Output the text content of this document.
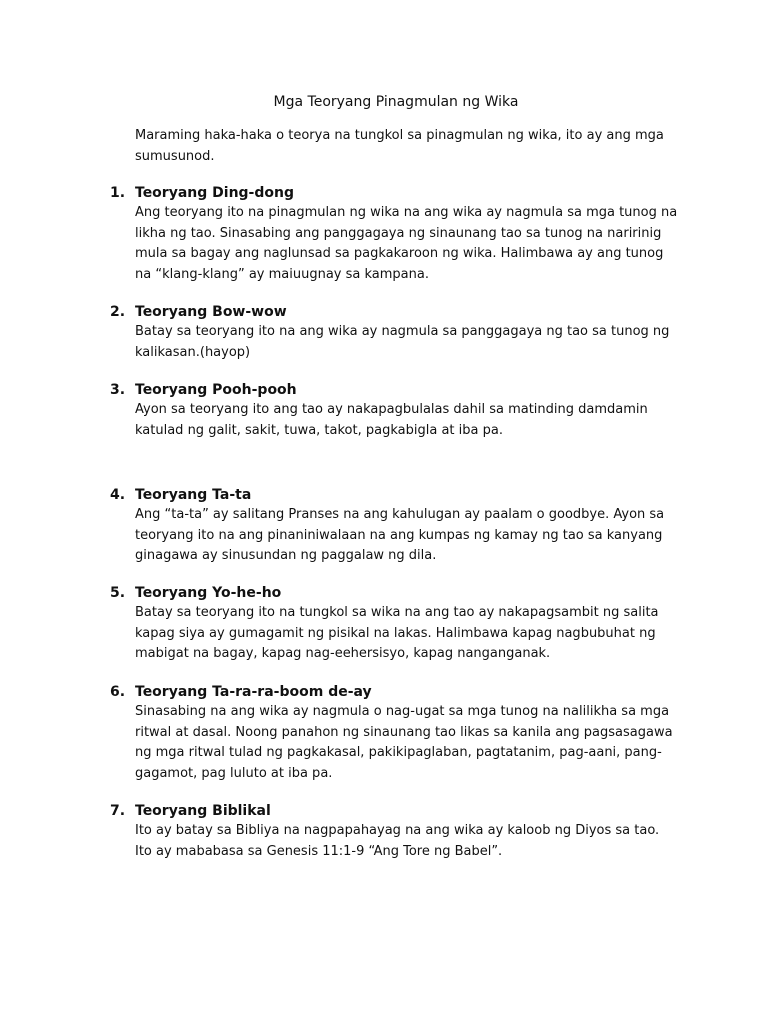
Mga Teoryang Pinagmulan ng Wika
Maraming haka-haka o teorya na tungkol sa pinagmulan ng wika, ito ay ang mga sumusunod.
1. Teoryang Ding-dong
Ang teoryang ito na pinagmulan ng wika na ang wika ay nagmula sa mga tunog na likha ng tao. Sinasabing ang panggagaya ng sinaunang tao sa tunog na naririnig mula sa bagay ang naglunsad sa pagkakaroon ng wika. Halimbawa ay ang tunog na “klang-klang” ay maiuugnay sa kampana.
2. Teoryang Bow-wow
Batay sa teoryang ito na ang wika ay nagmula sa panggagaya ng tao sa tunog ng kalikasan.(hayop)
3. Teoryang Pooh-pooh
Ayon sa teoryang ito ang tao ay nakapagbulalas dahil sa matinding damdamin katulad ng galit, sakit, tuwa, takot, pagkabigla at iba pa.
4. Teoryang Ta-ta
Ang “ta-ta” ay salitang Pranses na ang kahulugan ay paalam o goodbye. Ayon sa teoryang ito na ang pinaniniwalaan na ang kumpas ng kamay ng tao sa kanyang ginagawa ay sinusundan ng paggalaw ng dila.
5. Teoryang Yo-he-ho
Batay sa teoryang ito na tungkol sa wika na ang tao ay nakapagsambit ng salita kapag siya ay gumagamit ng pisikal na lakas. Halimbawa kapag nagbubuhat ng mabigat na bagay, kapag nag-eehersisyo, kapag nanganganak.
6. Teoryang Ta-ra-ra-boom de-ay
Sinasabing na ang wika ay nagmula o nag-ugat sa mga tunog na nalilikha sa mga ritwal at dasal. Noong panahon ng sinaunang tao likas sa kanila ang pagsasagawa ng mga ritwal tulad ng pagkakasal, pakikipaglaban, pagtatanim, pag-aani, pang-gagamot, pag luluto at iba pa.
7. Teoryang Biblikal
Ito ay batay sa Bibliya na nagpapahayag na ang wika ay kaloob ng Diyos sa tao. Ito ay mababasa sa Genesis 11:1-9 “Ang Tore ng Babel”.
